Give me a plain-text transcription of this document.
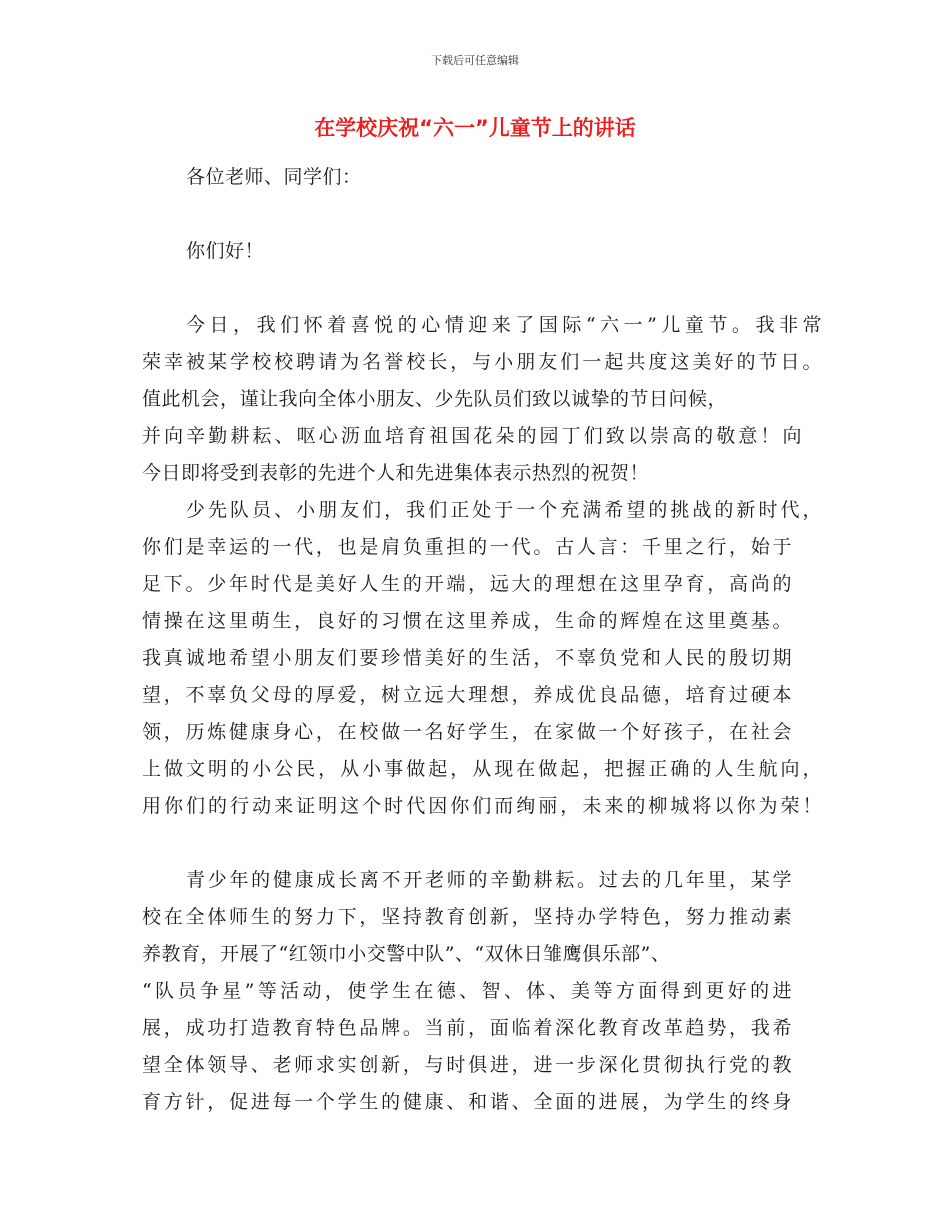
下载后可任意编辑
在学校庆祝“六一”儿童节上的讲话
各位老师、同学们：
你们好！
今日，我们怀着喜悦的心情迎来了国际“六一”儿童节。我非常
荣幸被某学校校聘请为名誉校长，与小朋友们一起共度这美好的节日。
值此机会，谨让我向全体小朋友、少先队员们致以诚挚的节日问候，
并向辛勤耕耘、呕心沥血培育祖国花朵的园丁们致以崇高的敬意！向
今日即将受到表彰的先进个人和先进集体表示热烈的祝贺！
少先队员、小朋友们，我们正处于一个充满希望的挑战的新时代，
你们是幸运的一代，也是肩负重担的一代。古人言：千里之行，始于
足下。少年时代是美好人生的开端，远大的理想在这里孕育，高尚的
情操在这里萌生，良好的习惯在这里养成，生命的辉煌在这里奠基。
我真诚地希望小朋友们要珍惜美好的生活，不辜负党和人民的殷切期
望，不辜负父母的厚爱，树立远大理想，养成优良品德，培育过硬本
领，历炼健康身心，在校做一名好学生，在家做一个好孩子，在社会
上做文明的小公民，从小事做起，从现在做起，把握正确的人生航向，
用你们的行动来证明这个时代因你们而绚丽，未来的柳城将以你为荣！
青少年的健康成长离不开老师的辛勤耕耘。过去的几年里，某学
校在全体师生的努力下，坚持教育创新，坚持办学特色，努力推动素
养教育，开展了“红领巾小交警中队”、“双休日雏鹰俱乐部”、
“队员争星”等活动，使学生在德、智、体、美等方面得到更好的进
展，成功打造教育特色品牌。当前，面临着深化教育改革趋势，我希
望全体领导、老师求实创新，与时俱进，进一步深化贯彻执行党的教
育方针，促进每一个学生的健康、和谐、全面的进展，为学生的终身
